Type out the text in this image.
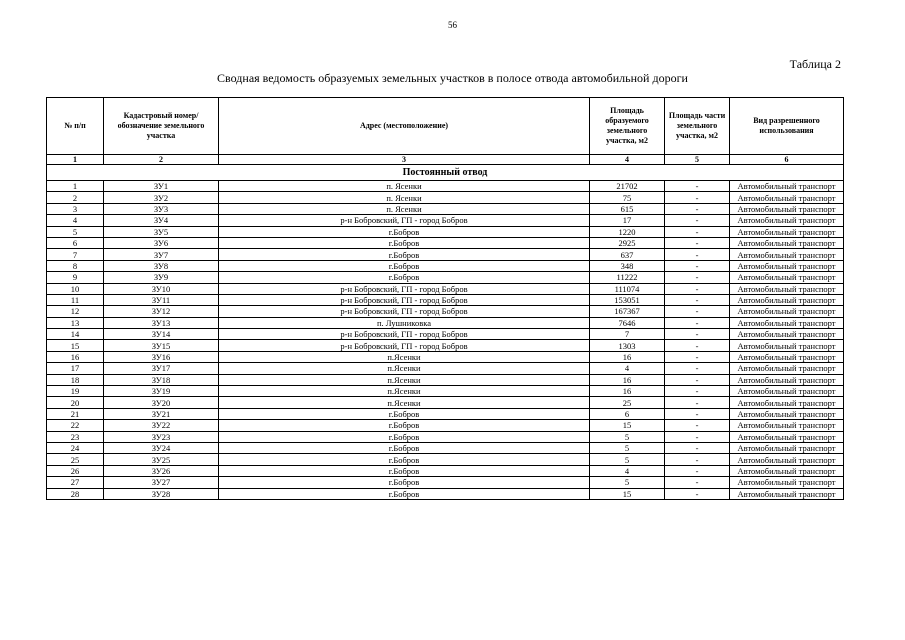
56
Таблица 2
Сводная ведомость образуемых земельных участков в полосе отвода автомобильной дороги
№ п/п	Кадастровый номер/обозначение земельного участка	Адрес (местоположение)	Площадь образуемого земельного участка, м2	Площадь части земельного участка, м2	Вид разрешенного использования
1	2	3	4	5	6
Постоянный отвод					
1	ЗУ1	п. Ясенки	21702	-	Автомобильный транспорт
2	ЗУ2	п. Ясенки	75	-	Автомобильный транспорт
3	ЗУ3	п. Ясенки	615	-	Автомобильный транспорт
4	ЗУ4	р-н Бобровский, ГП - город Бобров	17	-	Автомобильный транспорт
5	ЗУ5	г.Бобров	1220	-	Автомобильный транспорт
6	ЗУ6	г.Бобров	2925	-	Автомобильный транспорт
7	ЗУ7	г.Бобров	637	-	Автомобильный транспорт
8	ЗУ8	г.Бобров	348	-	Автомобильный транспорт
9	ЗУ9	г.Бобров	11222	-	Автомобильный транспорт
10	ЗУ10	р-н Бобровский, ГП - город Бобров	111074	-	Автомобильный транспорт
11	ЗУ11	р-н Бобровский, ГП - город Бобров	153051	-	Автомобильный транспорт
12	ЗУ12	р-н Бобровский, ГП - город Бобров	167367	-	Автомобильный транспорт
13	ЗУ13	п. Лушниковка	7646	-	Автомобильный транспорт
14	ЗУ14	р-н Бобровский, ГП - город Бобров	7	-	Автомобильный транспорт
15	ЗУ15	р-н Бобровский, ГП - город Бобров	1303	-	Автомобильный транспорт
16	ЗУ16	п.Ясенки	16	-	Автомобильный транспорт
17	ЗУ17	п.Ясенки	4	-	Автомобильный транспорт
18	ЗУ18	п.Ясенки	16	-	Автомобильный транспорт
19	ЗУ19	п.Ясенки	16	-	Автомобильный транспорт
20	ЗУ20	п.Ясенки	25	-	Автомобильный транспорт
21	ЗУ21	г.Бобров	6	-	Автомобильный транспорт
22	ЗУ22	г.Бобров	15	-	Автомобильный транспорт
23	ЗУ23	г.Бобров	5	-	Автомобильный транспорт
24	ЗУ24	г.Бобров	5	-	Автомобильный транспорт
25	ЗУ25	г.Бобров	5	-	Автомобильный транспорт
26	ЗУ26	г.Бобров	4	-	Автомобильный транспорт
27	ЗУ27	г.Бобров	5	-	Автомобильный транспорт
28	ЗУ28	г.Бобров	15	-	Автомобильный транспорт
